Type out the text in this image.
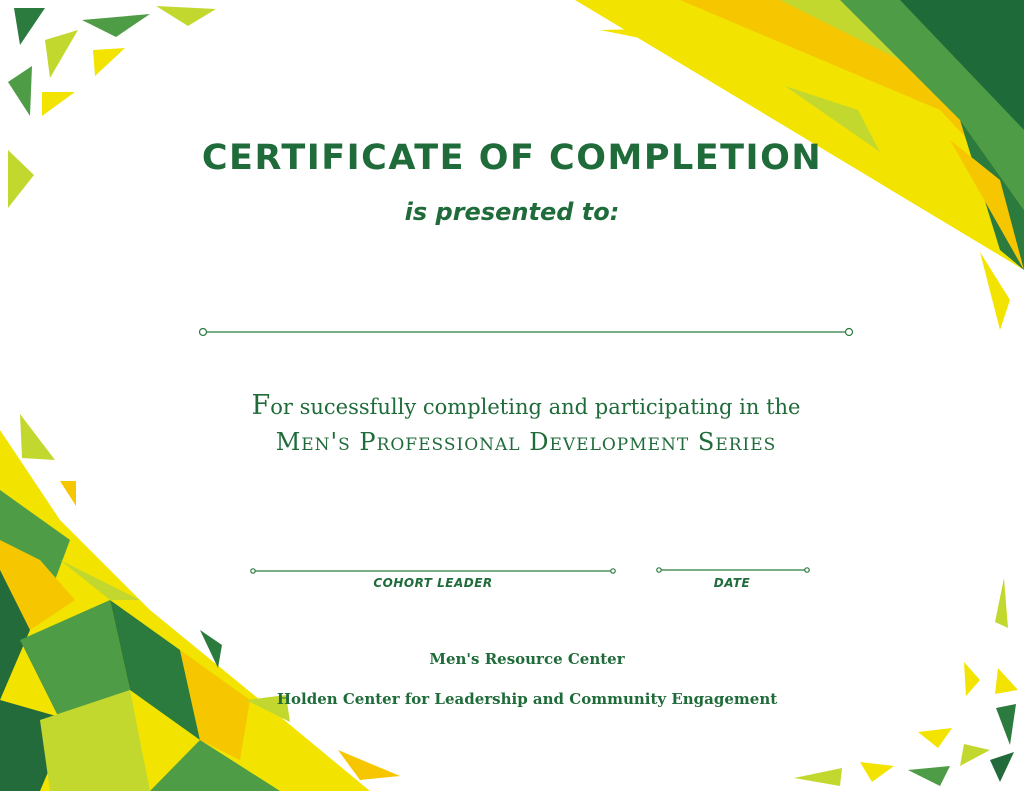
CERTIFICATE OF COMPLETION
is presented to:
For sucessfully completing and participating in the
Men's Professional Development Series
COHORT LEADER	DATE
Men's Resource Center
Holden Center for Leadership and Community Engagement
